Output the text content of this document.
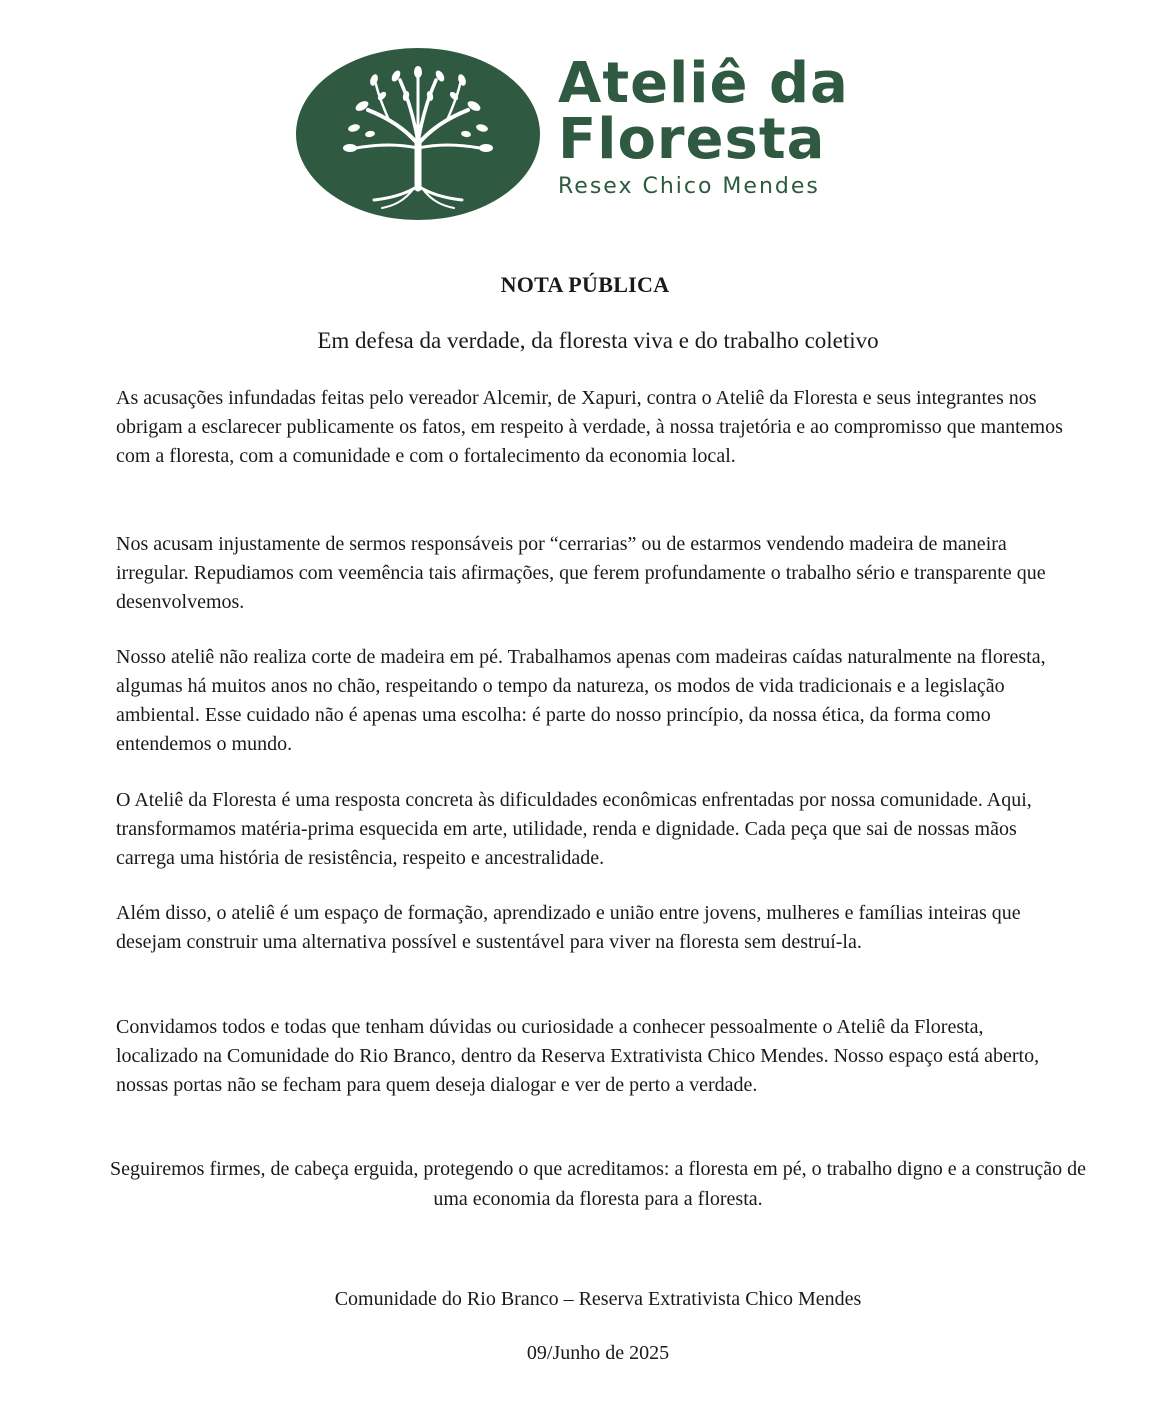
Ateliê da
Floresta
Resex Chico Mendes
NOTA PÚBLICA
Em defesa da verdade, da floresta viva e do trabalho coletivo

As acusações infundadas feitas pelo vereador Alcemir, de Xapuri, contra o Ateliê da Floresta e seus integrantes nos obrigam a esclarecer publicamente os fatos, em respeito à verdade, à nossa trajetória e ao compromisso que mantemos com a floresta, com a comunidade e com o fortalecimento da economia local.

Nos acusam injustamente de sermos responsáveis por “cerrarias” ou de estarmos vendendo madeira de maneira irregular. Repudiamos com veemência tais afirmações, que ferem profundamente o trabalho sério e transparente que desenvolvemos.

Nosso ateliê não realiza corte de madeira em pé. Trabalhamos apenas com madeiras caídas naturalmente na floresta, algumas há muitos anos no chão, respeitando o tempo da natureza, os modos de vida tradicionais e a legislação ambiental. Esse cuidado não é apenas uma escolha: é parte do nosso princípio, da nossa ética, da forma como entendemos o mundo.

O Ateliê da Floresta é uma resposta concreta às dificuldades econômicas enfrentadas por nossa comunidade. Aqui, transformamos matéria-prima esquecida em arte, utilidade, renda e dignidade. Cada peça que sai de nossas mãos carrega uma história de resistência, respeito e ancestralidade.

Além disso, o ateliê é um espaço de formação, aprendizado e união entre jovens, mulheres e famílias inteiras que desejam construir uma alternativa possível e sustentável para viver na floresta sem destruí-la.

Convidamos todos e todas que tenham dúvidas ou curiosidade a conhecer pessoalmente o Ateliê da Floresta, localizado na Comunidade do Rio Branco, dentro da Reserva Extrativista Chico Mendes. Nosso espaço está aberto, nossas portas não se fecham para quem deseja dialogar e ver de perto a verdade.

Seguiremos firmes, de cabeça erguida, protegendo o que acreditamos: a floresta em pé, o trabalho digno e a construção de uma economia da floresta para a floresta.

Comunidade do Rio Branco – Reserva Extrativista Chico Mendes
09/Junho de 2025
